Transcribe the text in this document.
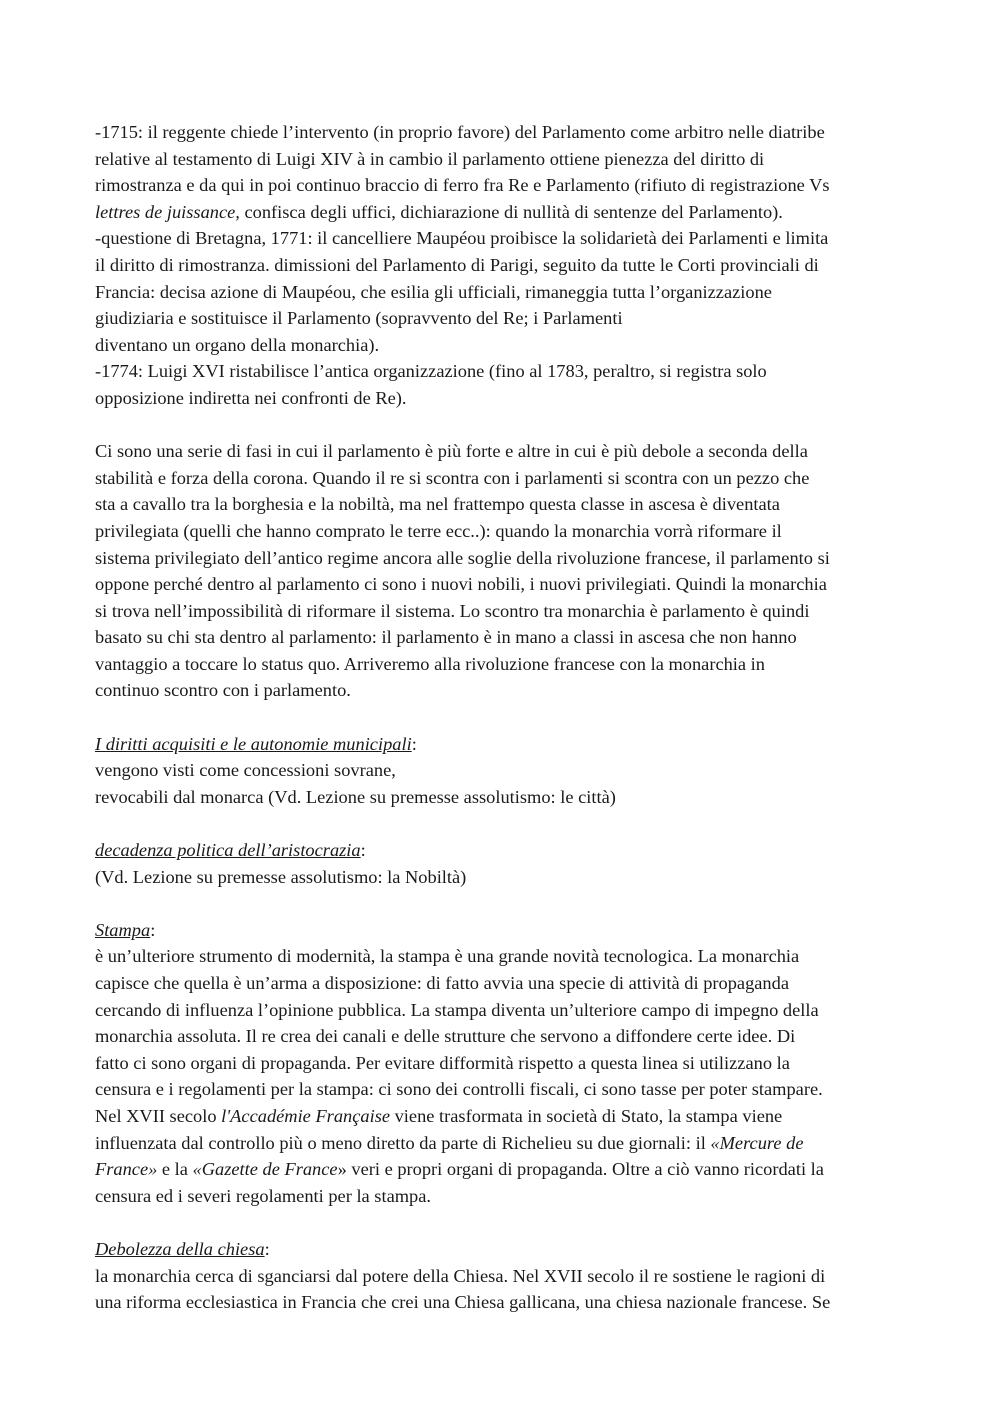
-1715: il reggente chiede l’intervento (in proprio favore) del Parlamento come arbitro nelle diatribe
relative al testamento di Luigi XIV à in cambio il parlamento ottiene pienezza del diritto di
rimostranza e da qui in poi continuo braccio di ferro fra Re e Parlamento (rifiuto di registrazione Vs
lettres de juissance, confisca degli uffici, dichiarazione di nullità di sentenze del Parlamento).
-questione di Bretagna, 1771: il cancelliere Maupéou proibisce la solidarietà dei Parlamenti e limita
il diritto di rimostranza. dimissioni del Parlamento di Parigi, seguito da tutte le Corti provinciali di
Francia: decisa azione di Maupéou, che esilia gli ufficiali, rimaneggia tutta l’organizzazione
giudiziaria e sostituisce il Parlamento (sopravvento del Re; i Parlamenti
diventano un organo della monarchia).
-1774: Luigi XVI ristabilisce l’antica organizzazione (fino al 1783, peraltro, si registra solo
opposizione indiretta nei confronti de Re).
Ci sono una serie di fasi in cui il parlamento è più forte e altre in cui è più debole a seconda della
stabilità e forza della corona. Quando il re si scontra con i parlamenti si scontra con un pezzo che
sta a cavallo tra la borghesia e la nobiltà, ma nel frattempo questa classe in ascesa è diventata
privilegiata (quelli che hanno comprato le terre ecc..): quando la monarchia vorrà riformare il
sistema privilegiato dell’antico regime ancora alle soglie della rivoluzione francese, il parlamento si
oppone perché dentro al parlamento ci sono i nuovi nobili, i nuovi privilegiati. Quindi la monarchia
si trova nell’impossibilità di riformare il sistema. Lo scontro tra monarchia è parlamento è quindi
basato su chi sta dentro al parlamento: il parlamento è in mano a classi in ascesa che non hanno
vantaggio a toccare lo status quo. Arriveremo alla rivoluzione francese con la monarchia in
continuo scontro con i parlamento.
I diritti acquisiti e le autonomie municipali:
vengono visti come concessioni sovrane,
revocabili dal monarca (Vd. Lezione su premesse assolutismo: le città)
decadenza politica dell’aristocrazia:
(Vd. Lezione su premesse assolutismo: la Nobiltà)
Stampa:
è un’ulteriore strumento di modernità, la stampa è una grande novità tecnologica. La monarchia
capisce che quella è un’arma a disposizione: di fatto avvia una specie di attività di propaganda
cercando di influenza l’opinione pubblica. La stampa diventa un’ulteriore campo di impegno della
monarchia assoluta. Il re crea dei canali e delle strutture che servono a diffondere certe idee. Di
fatto ci sono organi di propaganda. Per evitare difformità rispetto a questa linea si utilizzano la
censura e i regolamenti per la stampa: ci sono dei controlli fiscali, ci sono tasse per poter stampare.
Nel XVII secolo l'Accadémie Française viene trasformata in società di Stato, la stampa viene
influenzata dal controllo più o meno diretto da parte di Richelieu su due giornali: il «Mercure de
France» e la «Gazette de France» veri e propri organi di propaganda. Oltre a ciò vanno ricordati la
censura ed i severi regolamenti per la stampa.
Debolezza della chiesa:
la monarchia cerca di sganciarsi dal potere della Chiesa. Nel XVII secolo il re sostiene le ragioni di
una riforma ecclesiastica in Francia che crei una Chiesa gallicana, una chiesa nazionale francese. Se
